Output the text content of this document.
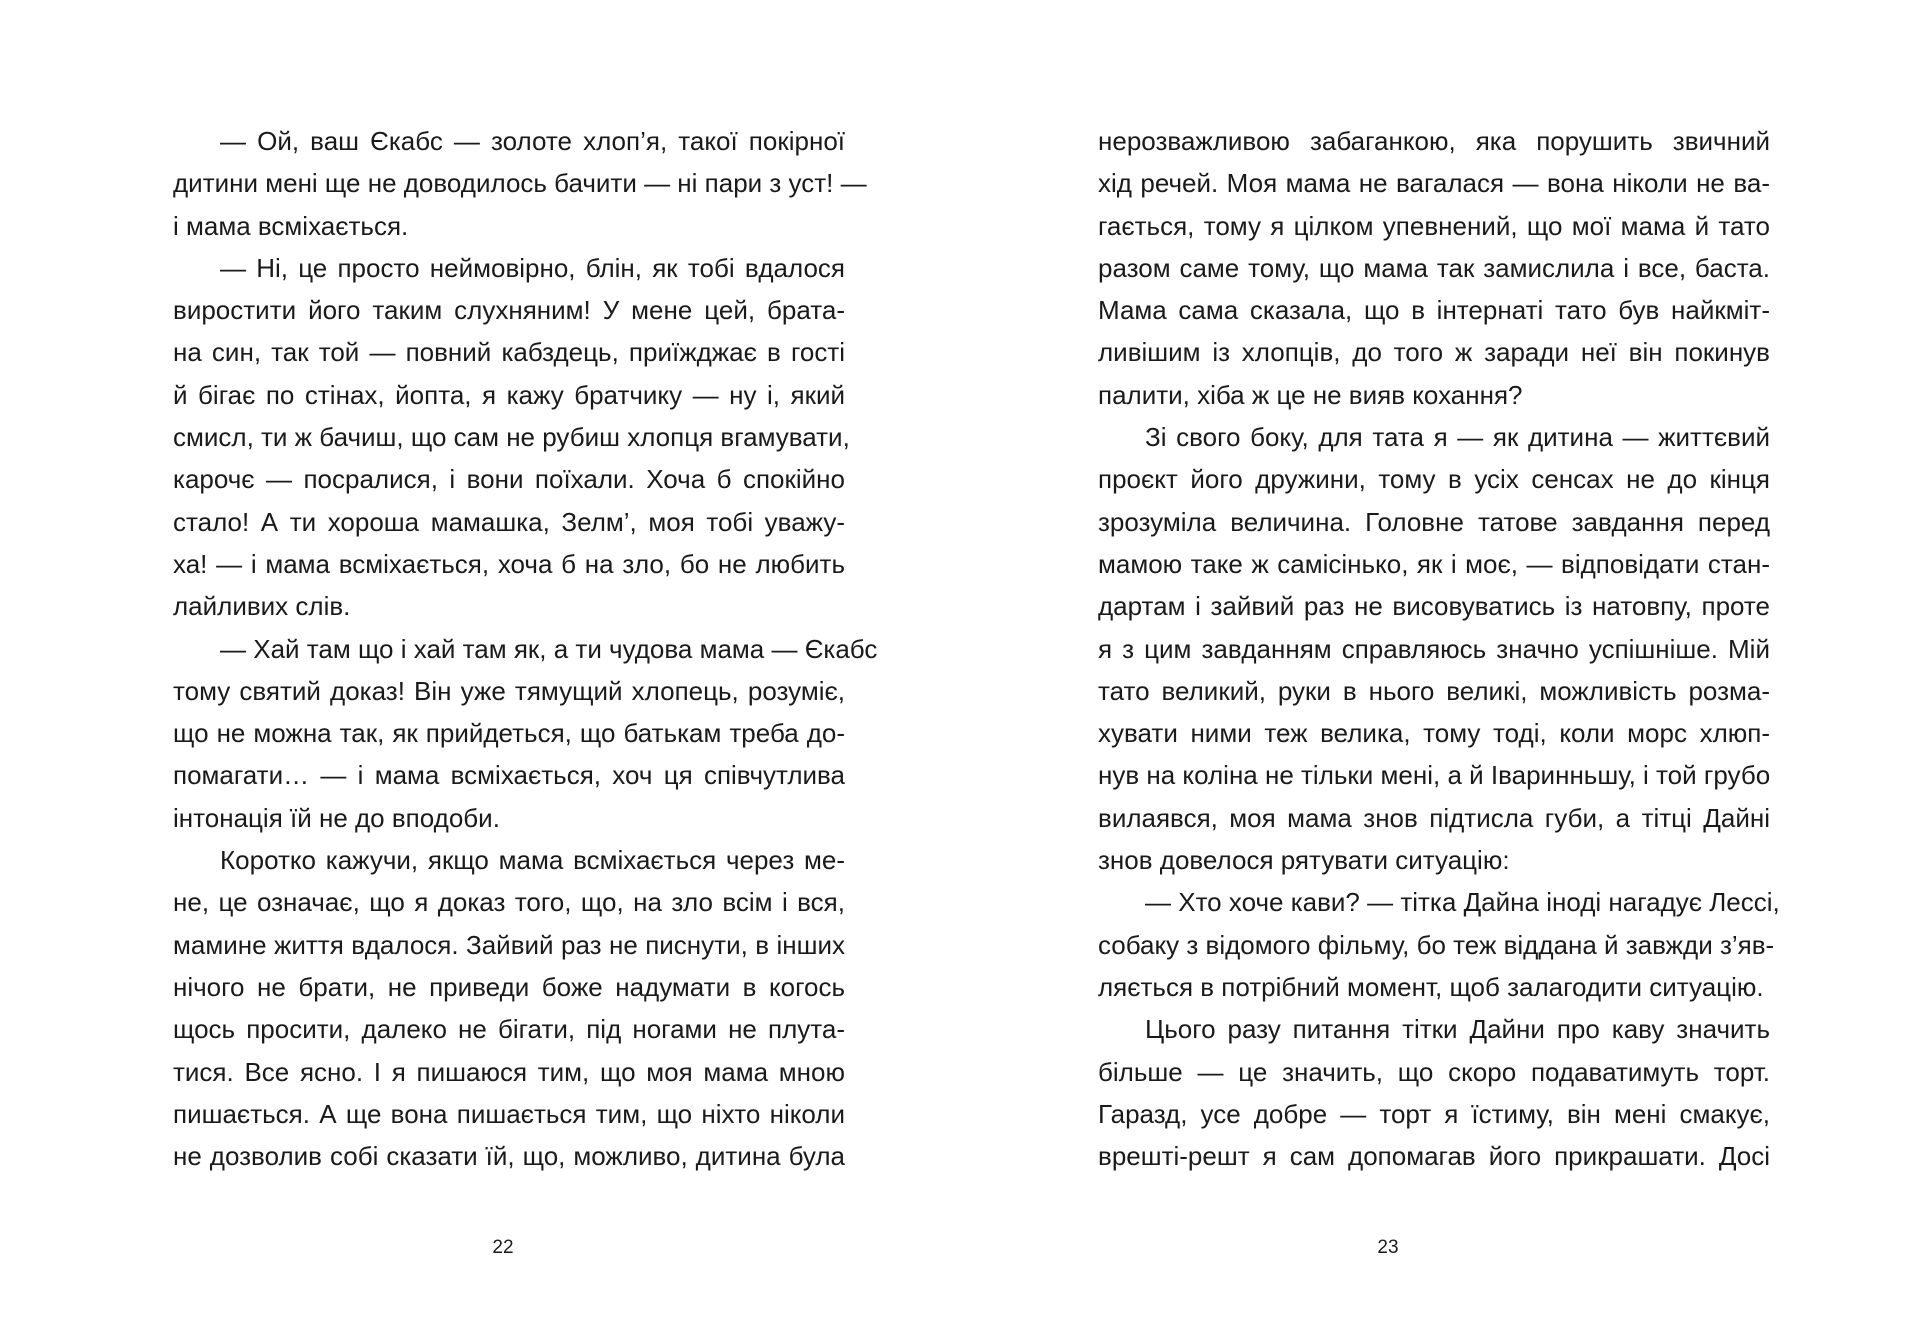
— Ой, ваш Єкабс — золоте хлоп’я, такої покірної
дитини мені ще не доводилось бачити — ні пари з уст! —
і мама всміхається.
— Ні, це просто неймовірно, блін, як тобі вдалося
виростити його таким слухняним! У мене цей, брата-
на син, так той — повний кабздець, приїжджає в гості
й бігає по стінах, йопта, я кажу братчику — ну і, який
смисл, ти ж бачиш, що сам не рубиш хлопця вгамувати,
карочє — посралися, і вони поїхали. Хоча б спокійно
стало! А ти хороша мамашка, Зелм’, моя тобі уважу-
ха! — і мама всміхається, хоча б на зло, бо не любить
лайливих слів.
— Хай там що і хай там як, а ти чудова мама — Єкабс
тому святий доказ! Він уже тямущий хлопець, розуміє,
що не можна так, як прийдеться, що батькам треба до-
помагати… — і мама всміхається, хоч ця співчутлива
інтонація їй не до вподоби.
Коротко кажучи, якщо мама всміхається через ме-
не, це означає, що я доказ того, що, на зло всім і вся,
мамине життя вдалося. Зайвий раз не писнути, в інших
нічого не брати, не приведи боже надумати в когось
щось просити, далеко не бігати, під ногами не плута-
тися. Все ясно. І я пишаюся тим, що моя мама мною
пишається. А ще вона пишається тим, що ніхто ніколи
не дозволив собі сказати їй, що, можливо, дитина була
22
нерозважливою забаганкою, яка порушить звичний
хід речей. Моя мама не вагалася — вона ніколи не ва-
гається, тому я цілком упевнений, що мої мама й тато
разом саме тому, що мама так замислила і все, баста.
Мама сама сказала, що в інтернаті тато був найкміт-
ливішим із хлопців, до того ж заради неї він покинув
палити, хіба ж це не вияв кохання?
Зі свого боку, для тата я — як дитина — життєвий
проєкт його дружини, тому в усіх сенсах не до кінця
зрозуміла величина. Головне татове завдання перед
мамою таке ж самісінько, як і моє, — відповідати стан-
дартам і зайвий раз не висовуватись із натовпу, проте
я з цим завданням справляюсь значно успішніше. Мій
тато великий, руки в нього великі, можливість розма-
хувати ними теж велика, тому тоді, коли морс хлюп-
нув на коліна не тільки мені, а й Іваринньшу, і той грубо
вилаявся, моя мама знов підтисла губи, а тітці Дайні
знов довелося рятувати ситуацію:
— Хто хоче кави? — тітка Дайна іноді нагадує Лессі,
собаку з відомого фільму, бо теж віддана й завжди з’яв-
ляється в потрібний момент, щоб залагодити ситуацію.
Цього разу питання тітки Дайни про каву значить
більше — це значить, що скоро подаватимуть торт.
Гаразд, усе добре — торт я їстиму, він мені смакує,
врешті-решт я сам допомагав його прикрашати. Досі
23
